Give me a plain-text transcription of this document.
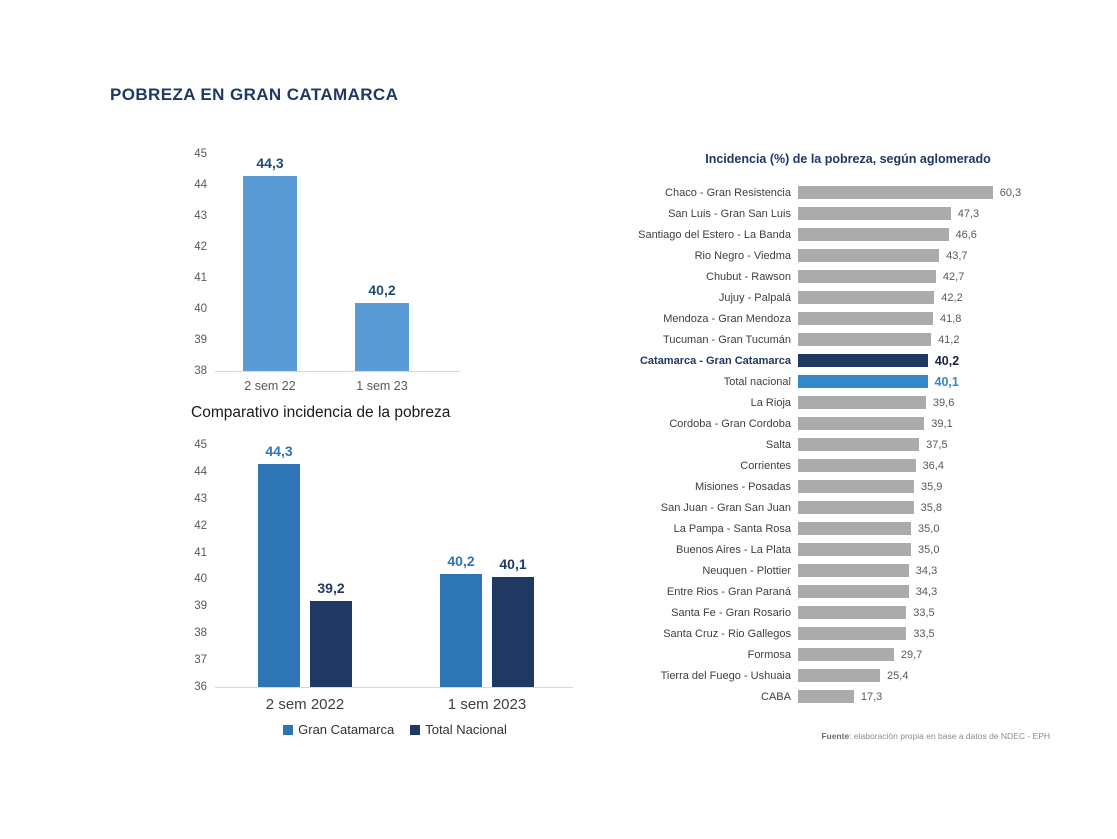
POBREZA EN GRAN CATAMARCA
45
44
43
42
41
40
39
38
44,3
2 sem 22
40,2
1 sem 23
Comparativo incidencia de la pobreza
45
44
43
42
41
40
39
38
37
36
44,3
39,2
2 sem 2022
40,2 40,1
1 sem 2023
Gran Catamarca Total Nacional
Incidencia (%) de la pobreza, según aglomerado
Chaco - Gran Resistencia	60,3
San Luis - Gran San Luis	47,3
Santiago del Estero - La Banda	46,6
Rio Negro - Viedma	43,7
Chubut - Rawson	42,7
Jujuy - Palpalá	42,2
Mendoza - Gran Mendoza	41,8
Tucuman - Gran Tucumán	41,2
Catamarca - Gran Catamarca	40,2
Total nacional	40,1
La Rioja	39,6
Cordoba - Gran Cordoba	39,1
Salta	37,5
Corrientes	36,4
Misiones - Posadas	35,9
San Juan - Gran San Juan	35,8
La Pampa - Santa Rosa	35,0
Buenos Aires - La Plata	35,0
Neuquen - Plottier	34,3
Entre Rios - Gran Paraná	34,3
Santa Fe - Gran Rosario	33,5
Santa Cruz - Rio Gallegos	33,5
Formosa	29,7
Tierra del Fuego - Ushuaia	25,4
CABA	17,3
Fuente: elaboración propia en base a datos de NDEC - EPH
